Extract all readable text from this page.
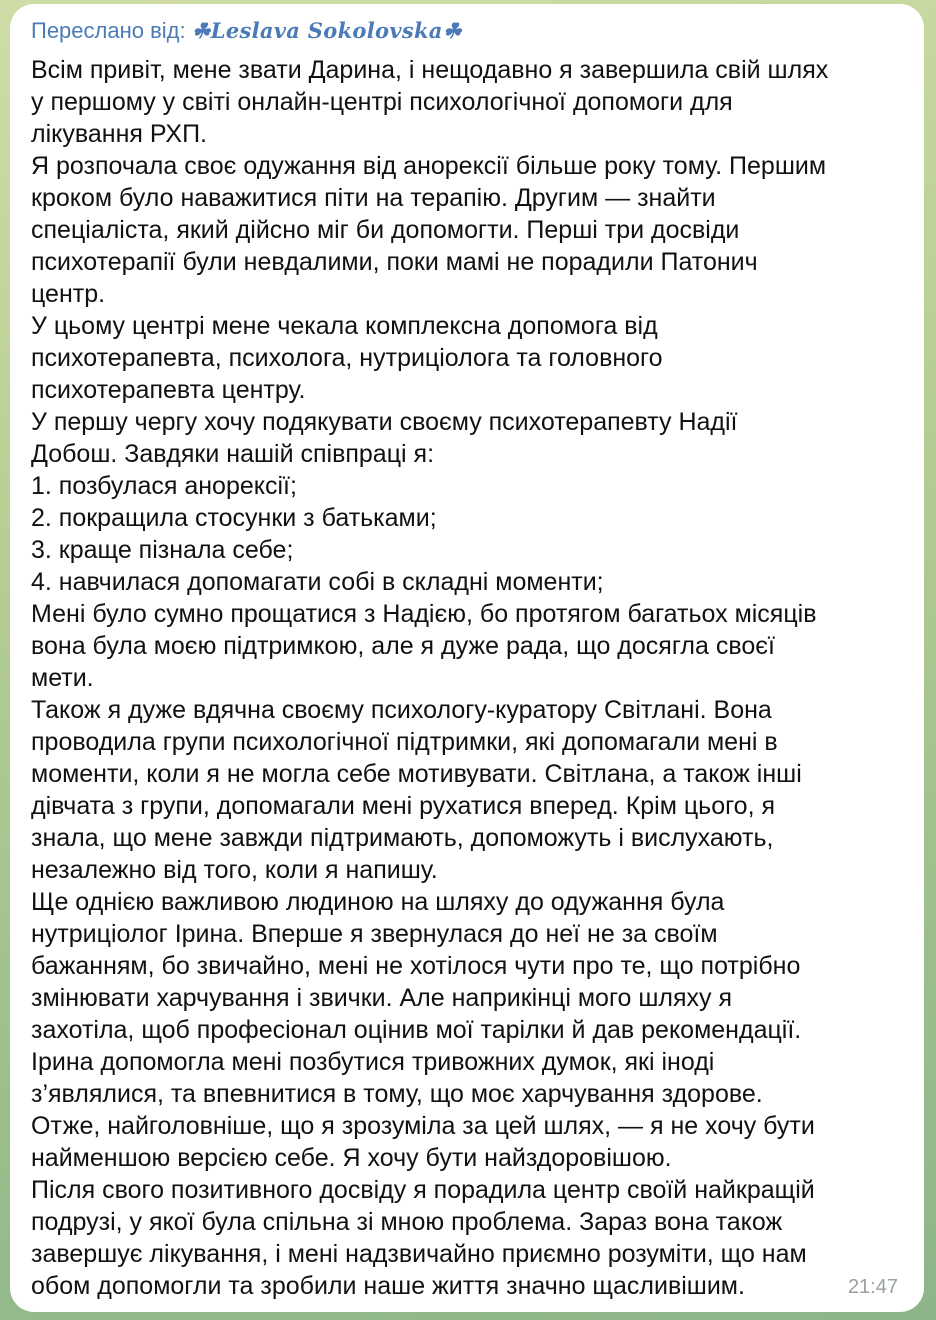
Переслано від: ☘Leslava Sokolovska☘
Всім привіт, мене звати Дарина, і нещодавно я завершила свій шлях
у першому у світі онлайн-центрі психологічної допомоги для
лікування РХП.
Я розпочала своє одужання від анорексії більше року тому. Першим
кроком було наважитися піти на терапію. Другим — знайти
спеціаліста, який дійсно міг би допомогти. Перші три досвіди
психотерапії були невдалими, поки мамі не порадили Патонич
центр.
У цьому центрі мене чекала комплексна допомога від
психотерапевта, психолога, нутриціолога та головного
психотерапевта центру.
У першу чергу хочу подякувати своєму психотерапевту Надії
Добош. Завдяки нашій співпраці я:
1. позбулася анорексії;
2. покращила стосунки з батьками;
3. краще пізнала себе;
4. навчилася допомагати собі в складні моменти;
Мені було сумно прощатися з Надією, бо протягом багатьох місяців
вона була моєю підтримкою, але я дуже рада, що досягла своєї
мети.
Також я дуже вдячна своєму психологу-куратору Світлані. Вона
проводила групи психологічної підтримки, які допомагали мені в
моменти, коли я не могла себе мотивувати. Світлана, а також інші
дівчата з групи, допомагали мені рухатися вперед. Крім цього, я
знала, що мене завжди підтримають, допоможуть і вислухають,
незалежно від того, коли я напишу.
Ще однією важливою людиною на шляху до одужання була
нутриціолог Ірина. Вперше я звернулася до неї не за своїм
бажанням, бо звичайно, мені не хотілося чути про те, що потрібно
змінювати харчування і звички. Але наприкінці мого шляху я
захотіла, щоб професіонал оцінив мої тарілки й дав рекомендації.
Ірина допомогла мені позбутися тривожних думок, які іноді
з’являлися, та впевнитися в тому, що моє харчування здорове.
Отже, найголовніше, що я зрозуміла за цей шлях, — я не хочу бути
найменшою версією себе. Я хочу бути найздоровішою.
Після свого позитивного досвіду я порадила центр своїй найкращій
подрузі, у якої була спільна зі мною проблема. Зараз вона також
завершує лікування, і мені надзвичайно приємно розуміти, що нам
обом допомогли та зробили наше життя значно щасливішим.	21:47
